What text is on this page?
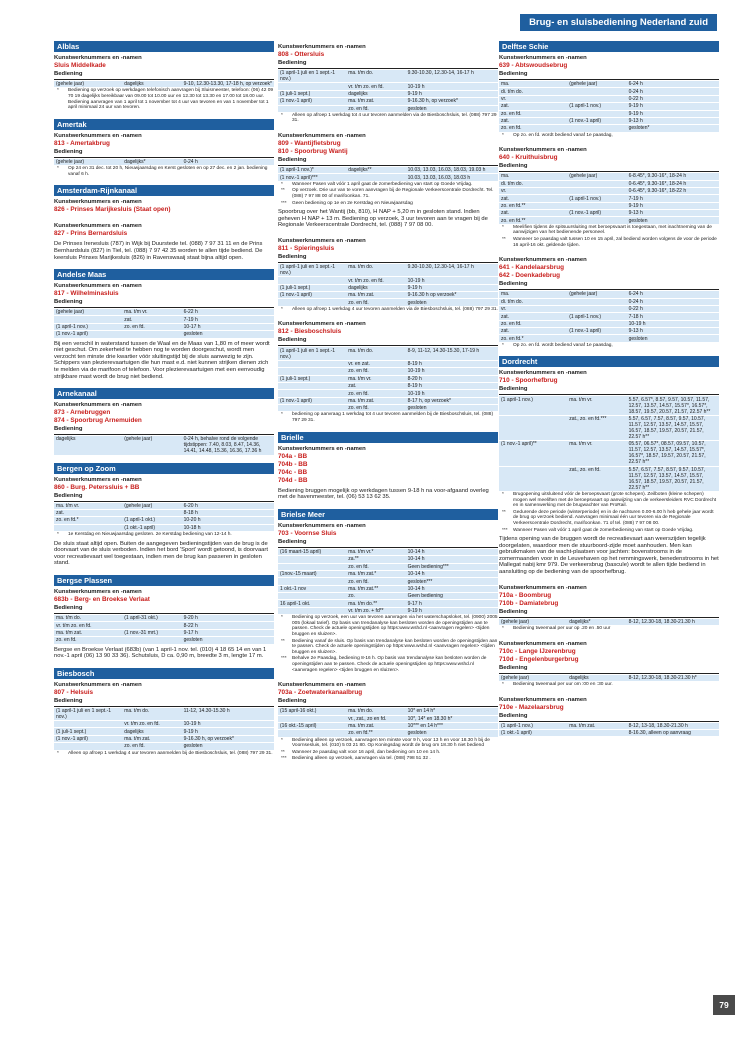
Brug- en sluisbediening Nederland zuid
Alblas
Kunstwerknummers en -namen
Sluis Middelkade
Bediening
(gehele jaar)	dagelijks	9-10, 12.30-13.30, 17-18 h, op verzoek*
*	Bediening op verzoek op werkdagen telefonisch aanvragen bij Sluismeester, telefoon: (06) 42 09 70 19 dagelijks bereikbaar van 09.00 tot 10.00 uur en 12.30 tot 13.30 en 17.00 tot 18.00 uur. Bediening aanvragen van 1 april tot 1 november tot 4 uur van tevoren en van 1 november tot 1 april minimaal 24 uur van tevoren.
Amertak
Kunstwerknummers en -namen
813 - Amertakbrug
Bediening
(gehele jaar)	dagelijks*	0-24 h
*	Op 24 en 31 dec. tot 20 h, Nieuwjaarsdag en Kerst gesloten en op 27 dec. en 2 jan. bediening vanaf 6 h.
Amsterdam-Rijnkanaal
Kunstwerknummers en -namen
826 - Prinses Marijkesluis (Staat open)
Kunstwerknummers en -namen
827 - Prins Bernardsluis
De Prinses Irenesluis (787) in Wijk bij Duurstede tel. (088) 7 97 31 11 en de Prins Bernhardsluis (827) in Tiel, tel. (088) 7 97 42 35 worden te allen tijde bediend. De keersluis Prinses Marijkesluis (826) in Ravenswaaij staat bijna altijd open.
Andelse Maas
Kunstwerknummers en -namen
817 - Wilhelminasluis
Bediening
(gehele jaar)	ma. t/m vr.	6-22 h
	zat.	7-19 h
(1 april-1 nov.)	zo. en fd.	10-17 h
(1 nov.-1 april)		gesloten
Bij een verschil in waterstand tussen de Waal en de Maas van 1,80 m of meer wordt niet geschut. Om zekerheid te hebben nog te worden doorgeschut, wordt men verzocht ten minste drie kwartier vóór sluitingstijd bij de sluis aanwezig te zijn. Schippers van plezierevaartuigen die hun mast e.d. niet kunnen strijken dienen zich te melden via de marifoon of telefoon. Voor plezierevaartuigen met een eenvoudig strijkbare mast wordt de brug niet bediend.
Arnekanaal
Kunstwerknummers en -namen
873 - Arnebruggen
874 - Spoorbrug Arnemuiden
Bediening
dagelijks	(gehele jaar)	0-24 h, behalve rond de volgende tijdstippen: 7.40, 8.03, 8.47, 14.36, 14.41, 14.48, 15.36, 16.36, 17.36 h
Bergen op Zoom
Kunstwerknummers en -namen
860 - Burg. Peterssluis + BB
Bediening
ma. t/m vr.	(gehele jaar)	6-20 h
zat.		8-18 h
zo. en fd.*	(1 april-1 okt.)	10-20 h
	(1 okt.-1 april)	10-18 h
*	1e Kerstdag en Nieuwjaarsdag gesloten. 2e Kerstdag bediening van 12-14 h.
De sluis staat altijd open. Buiten de aangegeven bedieningstijden van de brug is de doorvaart van de sluis verboden. Indien het bord 'Sport' wordt getoond, is doorvaart voor recreatievaart wel toegestaan, indien men de brug kan passeren in gesloten stand.
Bergse Plassen
Kunstwerknummers en -namen
683b - Berg- en Broekse Verlaat
Bediening
ma. t/m do.	(1 april-31 okt.)	9-20 h
vr. t/m zo. en fd.		8-22 h
ma. t/m zat.	(1 nov.-31 mrt.)	9-17 h
zo. en fd.		gesloten
Bergse en Broekse Verlaat (683b) (van 1 april-1 nov. tel. (010) 4 18 65 14 en van 1 nov.-1 april (06) 13 90 33 36). Schutsluis, D ca. 0,90 m, breedte 3 m, lengte 17 m.
Biesbosch
Kunstwerknummers en -namen
807 - Helsuis
Bediening
(1 april-1 juli en 1 sept.-1 nov.)	ma. t/m do.	11-12, 14.30-15.30 h
	vr. t/m zo. en fd.	10-19 h
(1 juli-1 sept.)	dagelijks	9-19 h
(1 nov.-1 april)	ma. t/m zat.	9-16.30 h, op verzoek*
	zo. en fd.	gesloten
*	Alleen op afroep 1 werkdag 4 uur tevoren aanmelden bij de Biesboschsluis, tel. (088) 797 29 31.
Kunstwerknummers en -namen
808 - Ottersluis
Bediening
(1 april-1 juli en 1 sept.-1 nov.)	ma. t/m do.	9.30-10.30, 12.30-14, 16-17 h
	vr. t/m zo. en fd.	10-19 h
(1 juli-1 sept.)	dagelijks	9-19 h
(1 nov.-1 april)	ma. t/m zat.	9-16.30 h, op verzoek*
	zo. en fd.	gesloten
*	Alleen op afroep 1 werkdag tot 4 uur tevoren aanmelden via de Biesboschsluis, tel. (088) 797 29 31.
Kunstwerknummers en -namen
809 - Wantijfietsbrug
810 - Spoorbrug Wantij
Bediening
(1 april-1 nov.)*	dagelijks**	10.03, 13.03, 16.03, 18.03, 19.03 h
(1 nov.-1 april)***		10.03, 13.03, 16.03, 18.03 h
*	Wanneer Pasen valt vóór 1 april gaat de zomerbediening van start op Goede Vrijdag.
**	Op verzoek. Drie uur van te voren aanvragen bij de Regionale Verkeerscentrale Dordrecht. Tel. (088) 7 97 88 00 of marifoonkan. 71.
***	Geen bediening op 1e en 2e Kerstdag en Nieuwjaarsdag
Spoorbrug over het Wantij (bb, 810), H NAP + 5,20 m in gesloten stand. Indien geheven H NAP + 13 m. Bediening op verzoek, 3 uur tevoren aan te vragen bij de Regionale Verkeerscentrale Dordrecht, tel. (088) 7 97 08 00.
Kunstwerknummers en -namen
811 - Spieringsluis
Bediening
(1 april-1 juli en 1 sept.-1 nov.)	ma. t/m do.	9.30-10.30, 12.30-14, 16-17 h
	vr. t/m zo. en fd.	10-19 h
(1 juli-1 sept.)	dagelijks	9-19 h
(1 nov.-1 april)	ma. t/m zat.	9-16.30 h op verzoek*
	zo. en fd.	gesloten
*	Alleen op afroep 1 werkdag 4 uur tevoren aanmelden via de Biesboschsluis, tel. (088) 797 29 31.
Kunstwerknummers en -namen
812 - Biesboschsluis
Bediening
(1 april-1 juli en 1 sept.-1 nov.)	ma. t/m do.	8-9, 11-12, 14.30-15.30, 17-19 h
	vr. en zat.	8-19 h
	zo. en fd.	10-19 h
(1 juli-1 sept.)	ma. t/m vr.	8-20 h
	zat.	8-19 h
	zo. en fd.	10-19 h
(1 nov.-1 april)	ma. t/m zat.	8-17 h, op verzoek*
	zo. en fd.	gesloten
*	bediening op aanvraag 1 werkdag tot 4 uur tevoren aanmelden bij de Biesboschsluis, tel. (088) 797 29 31.
Brielle
Kunstwerknummers en -namen
704a - BB
704b - BB
704c - BB
704d - BB
Bediening bruggen mogelijk op werkdagen tussen 9-18 h na voor-afgaand overleg met de havenmeester, tel. (06) 53 13 62 35.
Brielse Meer
Kunstwerknummers en -namen
703 - Voornse Sluis
Bediening
(16 maart-15 april)	ma. t/m vr.*	10-14 h
	za.**	10-14 h
	zo. en fd.	Geen bediening***
(1nov.-15 maart)	ma. t/m zat.*	10-14 h
	zo. en fd.	gesloten***
1 okt.-1 nov	ma. t/m zat.**	10-14 h
	zo.	Geen bediening
16 april-1 okt.	ma. t/m do.**	9-17 h
	vr. t/m zo. + fd**	9-19 h
*	Bediening op verzoek, een uur van tevoren aanvragen via het waterschapsloket, tel. (0900) 2005 005 (lokaal tarief). Op basis van trendanalyse kan besloten worden de openingstijden aan te passen. Check de actuele openingstijden op https:www.wshd.nl <aanvragen regelen> <tijden bruggen en sluizen>.
**	Bediening vanaf de sluis. Op basis van trendanalyse kan besloten worden de openingstijden aan te passen. Check de actuele openingstijden op https:www.wshd.nl <aanvragen regelen> <tijden bruggen en sluizen>.
***	Behalve 2e Paasdag, bediening 8-16 h. Op basis van trendanalyse kan besloten worden de openingstijden aan te passen. Check de actuele openingstijden op https:www.wshd.nl <aanvragen regelen> <tijden bruggen en sluizen>.
Kunstwerknummers en -namen
703a - Zoetwaterkanaalbrug
Bediening
(15 april-16 okt.)	ma. t/m do.	10* en 14 h*
	vr., zat., zo en fd.	10*, 14* en 18.30 h*
(16 okt.-15 april)	ma. t/m zat.	10*** en 14 h***
	zo. en fd.**	gesloten
*	Bediening alleen op verzoek, aanvragen ten minste voor 9 h, voor 13 h en voor 18.30 h bij de Voornsesluis, tel. (010) 5 03 21 80. Op Koningsdag wordt de brug om 18.30 h niet bediend
**	Wanneer 2e paasdag valt voor 16 april, dan bediening om 10 en 14 h.
***	Bediening alleen op verzoek, aanvragen via tel. (088) 798 51 32 .
Delftse Schie
Kunstwerknummers en -namen
639 - Abtswoudsebrug
Bediening
ma.	(gehele jaar)	6-24 h
di. t/m do.		0-24 h
vr.		0-22 h
zat.	(1 april-1 nov.)	9-19 h
zo. en fd.		9-19 h
zat.	(1 nov.-1 april)	9-13 h
zo. en fd.		gesloten*
*	Op zo. en fd. wordt bediend vanaf 1e paasdag,
Kunstwerknummers en -namen
640 - Kruithuisbrug
Bediening
ma.	(gehele jaar)	6-8.45*, 9.30-16*, 18-24 h
di. t/m do.		0-6.45*, 9.30-16*, 18-24 h
vr.		0-6.45*, 9.30-16*, 18-22 h
zat.	(1 april-1 nov.)	7-19 h
zo. en fd.**		9-19 h
zat.	(1 nov.-1 april)	9-13 h
zo. en fd.**		gesloten
*	Meelifien tijdens de spitsuursluiting met beroepsvaart is toegestaan, met inachtneming van de aanwijzigen van het bedienende personeel.
**	Wanneer 1e paasdag valt tussen 10 en 15 april, zal bediend worden volgens de voor de periode 16 april-16 okt. geldende tijden.
Kunstwerknummers en -namen
641 - Kandelaarsbrug
642 - Doenkadebrug
Bediening
ma.	(gehele jaar)	6-24 h
di. t/m do.		0-24 h
vr.		0-22 h
zat.	(1 april-1 nov.)	7-18 h
zo. en fd.		10-19 h
zat.	(1 nov.-1 april)	9-13 h
zo. en fd.*		gesloten
*	Op zo. en fd. wordt bediend vanaf 1e paasdag,
Dordrecht
Kunstwerknummers en -namen
710 - Spoorhefbrug
Bediening
(1 april-1 nov.)	ma. t/m vr.	5.57, 6.57*, 8.57, 9.57, 10.57, 11.57, 12.57, 13.57, 14.57, 15.57*, 16.57*, 18.57, 19.57, 20.57, 21.57, 22.57 h**
	zat., zo. en fd.***	5.57, 6.57, 7.57, 8.57, 9.57, 10.57, 11.57, 12.57, 13.57, 14.57, 15.57, 16.57, 18.57, 19.57, 20.57, 21.57, 22.57 h**
(1 nov.-1 april)**	ma. t/m vr.	05.57, 06.57*, 08.57, 09.57, 10.57, 11.57, 12.57, 13.57, 14.57, 15.57*, 16.57*, 18.57, 19.57, 20.57, 21.57, 22.57 h**
	zat., zo. en fd.	5.57, 6.57, 7.57, 8.57, 9.57, 10.57, 11.57, 12.57, 13.57, 14.57, 15.57, 16.57, 18.57, 19.57, 20.57, 21.57, 22.57 h**
*	Brugopening uitsluitend vóór de beroepsvaart (grote schepen). Zeilboten (kleine schepen) mogen wel meeliften met de beroepsvaart op aanwijzing van de verkeersleiders RVC Dordrecht en in samenwerking met de brugwachter van ProRail.
**	Gedurende deze periode (winterperiode) en in de nachturen 0.00-6.00 h heb gehele jaar wordt de brug op verzoek bediend. Aanvragen minimaal één uur tevoren via de Regionale Verkeerscentrale Dordrecht, marifoonkan. 71 of tel. (088) 7 97 08 00.
***	Wanneer Pasen valt vóór 1 april gaat de zomerbediening van start op Goede Vrijdag.
Tijdens opening van de bruggen wordt de recreatievaart aan weerszijden tegelijk doorgelaten, waardoor men de stuurboord-zijde moet aanhouden. Men kan gebruikmaken van de wacht-plaatsen voor jachten: bovenstrooms in de zomermaanden voor in de Leuvehaven op het remmingswerk, benedenstrooms in het Mallegat nabij kmr 979. De verkeersbrug (bascule) wordt te allen tijde bediend in aansluiting op de bediening van de spoorhefbrug.
Kunstwerknummers en -namen
710a - Boombrug
710b - Damiatebrug
Bediening
(gehele jaar)	dagelijks*	8-12, 12.30-18, 18.30-21.30 h
*	Bediening tweemaal per uur op .20 en .50 uur
Kunstwerknummers en -namen
710c - Lange IJzerenbrug
710d - Engelenburgerbrug
Bediening
(gehele jaar)	dagelijks	8-12, 12.30-18, 18.30-21.30 h*
*	Bediening tweemaal per uur om :00 en :30 uur.
Kunstwerknummers en -namen
710e - Mazelaarsbrug
Bediening
(1 april-1 nov.)	ma. t/m zat.	8-12, 13-18, 18.30-21.30 h
(1 okt.-1 april)		8-16.30, alleen op aanvraag
79
